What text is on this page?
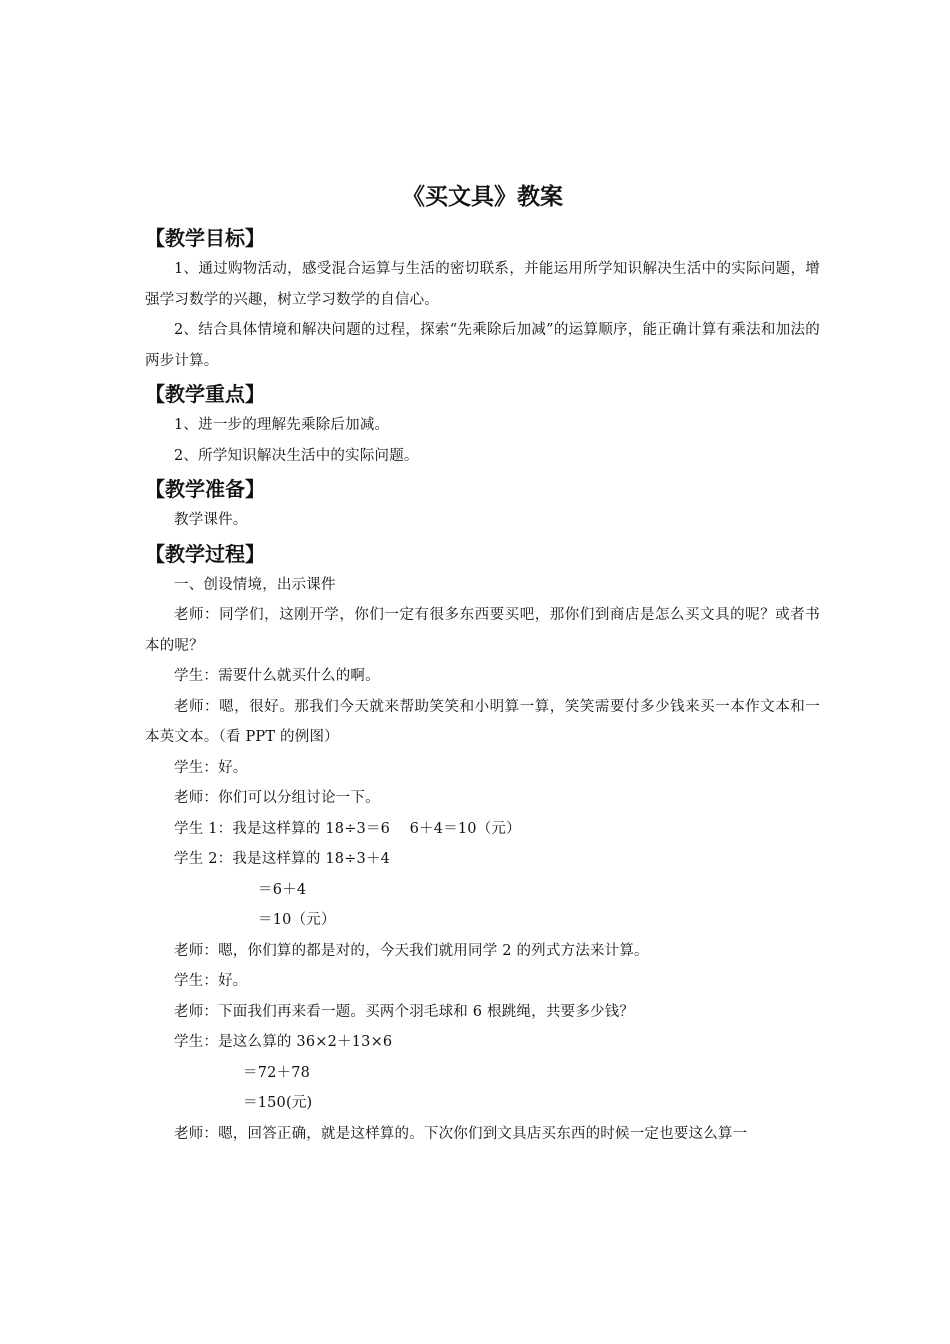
《买文具》教案
【教学目标】

1、通过购物活动，感受混合运算与生活的密切联系，并能运用所学知识解决生活中的实际问题，增强学习数学的兴趣，树立学习数学的自信心。

2、结合具体情境和解决问题的过程，探索“先乘除后加减”的运算顺序，能正确计算有乘法和加法的两步计算。

【教学重点】

1、进一步的理解先乘除后加减。

2、所学知识解决生活中的实际问题。

【教学准备】

教学课件。

【教学过程】

一、创设情境，出示课件

老师：同学们，这刚开学，你们一定有很多东西要买吧，那你们到商店是怎么买文具的呢？或者书本的呢？

学生：需要什么就买什么的啊。

老师：嗯，很好。那我们今天就来帮助笑笑和小明算一算，笑笑需要付多少钱来买一本作文本和一本英文本。（看 PPT 的例图）

学生：好。

老师：你们可以分组讨论一下。

学生 1：我是这样算的 18÷3＝6　 6＋4＝10（元）

学生 2：我是这样算的 18÷3＋4

＝6＋4

＝10（元）

老师：嗯，你们算的都是对的，今天我们就用同学 2 的列式方法来计算。

学生：好。

老师：下面我们再来看一题。买两个羽毛球和 6 根跳绳，共要多少钱？

学生：是这么算的 36×2＋13×6

＝72＋78

＝150(元)

老师：嗯，回答正确，就是这样算的。下次你们到文具店买东西的时候一定也要这么算一
